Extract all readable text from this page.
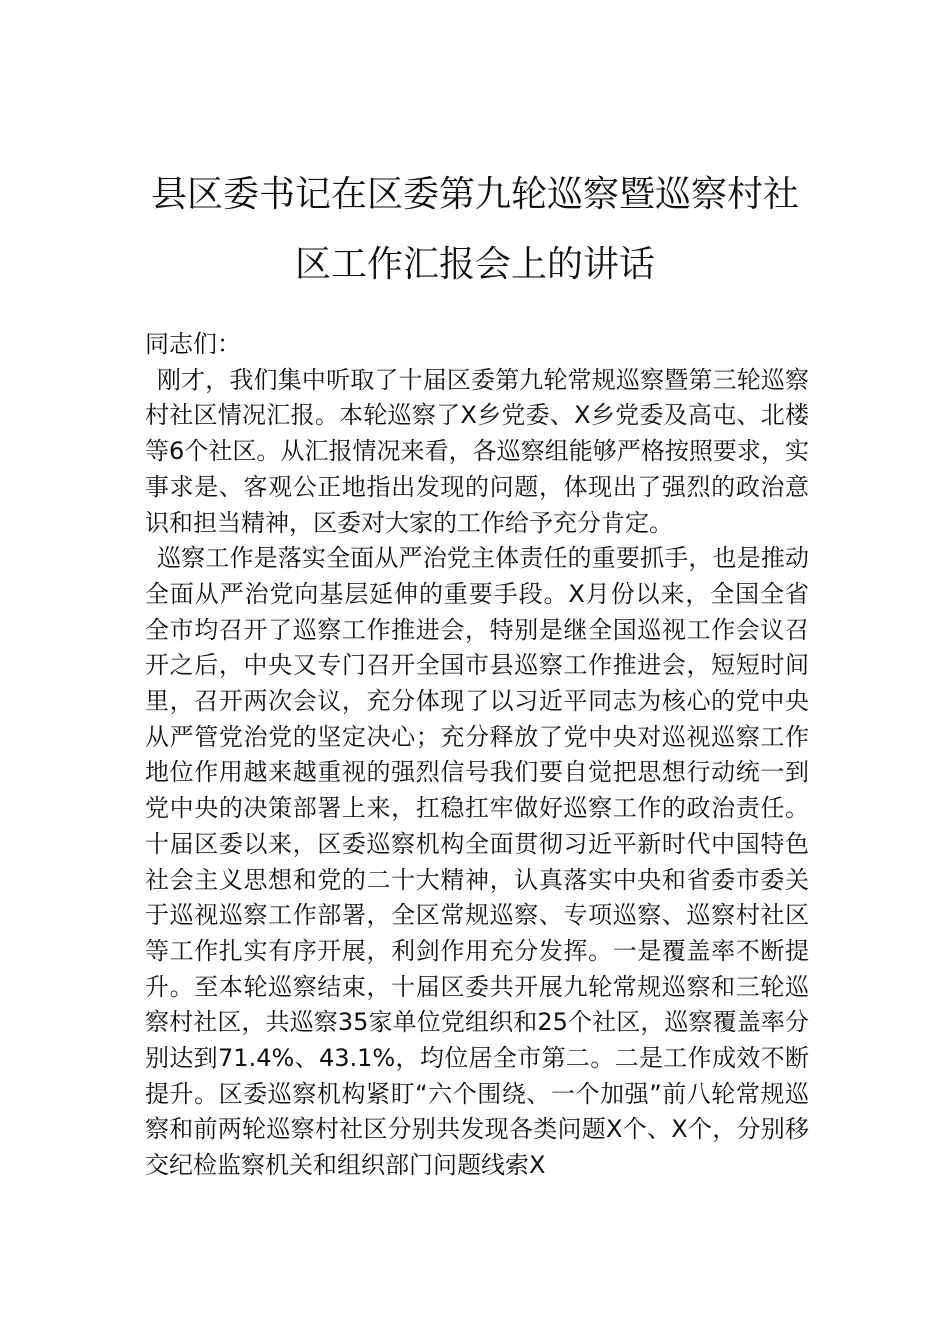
县区委书记在区委第九轮巡察暨巡察村社
区工作汇报会上的讲话

同志们：

刚才，我们集中听取了十届区委第九轮常规巡察暨第三轮巡察村社区情况汇报。本轮巡察了X乡党委、X乡党委及高屯、北楼等6个社区。从汇报情况来看，各巡察组能够严格按照要求，实事求是、客观公正地指出发现的问题，体现出了强烈的政治意识和担当精神，区委对大家的工作给予充分肯定。

巡察工作是落实全面从严治党主体责任的重要抓手，也是推动全面从严治党向基层延伸的重要手段。X月份以来，全国全省全市均召开了巡察工作推进会，特别是继全国巡视工作会议召开之后，中央又专门召开全国市县巡察工作推进会，短短时间里，召开两次会议，充分体现了以习近平同志为核心的党中央从严管党治党的坚定决心；充分释放了党中央对巡视巡察工作地位作用越来越重视的强烈信号我们要自觉把思想行动统一到党中央的决策部署上来，扛稳扛牢做好巡察工作的政治责任。十届区委以来，区委巡察机构全面贯彻习近平新时代中国特色社会主义思想和党的二十大精神，认真落实中央和省委市委关于巡视巡察工作部署，全区常规巡察、专项巡察、巡察村社区等工作扎实有序开展，利剑作用充分发挥。一是覆盖率不断提升。至本轮巡察结束，十届区委共开展九轮常规巡察和三轮巡察村社区，共巡察35家单位党组织和25个社区，巡察覆盖率分别达到71.4%、43.1%，均位居全市第二。二是工作成效不断提升。区委巡察机构紧盯“六个围绕、一个加强”前八轮常规巡察和前两轮巡察村社区分别共发现各类问题X个、X个，分别移交纪检监察机关和组织部门问题线索X
